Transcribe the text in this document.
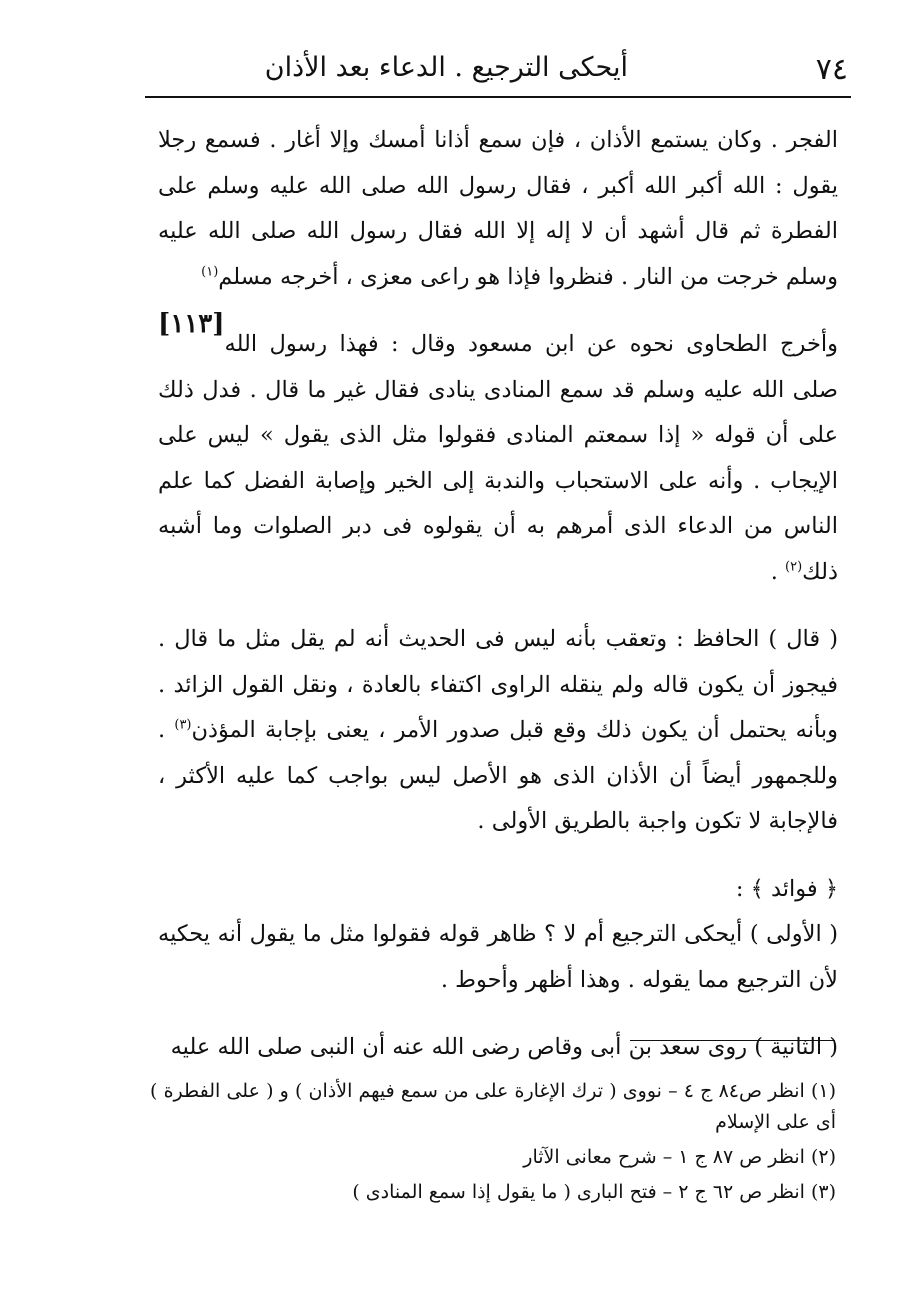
٧٤
أيحكى الترجيع . الدعاء بعد الأذان

الفجر . وكان يستمع الأذان ، فإن سمع أذانا أمسك وإلا أغار . فسمع رجلا يقول : الله أكبر الله أكبر ، فقال رسول الله صلى الله عليه وسلم على الفطرة ثم قال أشهد أن لا إله إلا الله فقال رسول الله صلى الله عليه وسلم خرجت من النار . فنظروا فإذا هو راعى معزى ، أخرجه مسلم$^{(١)}$
[١١٣]

وأخرج الطحاوى نحوه عن ابن مسعود وقال : فهذا رسول الله صلى الله عليه وسلم قد سمع المنادى ينادى فقال غير ما قال . فدل ذلك على أن قوله « إذا سمعتم المنادى فقولوا مثل الذى يقول » ليس على الإيجاب . وأنه على الاستحباب والندبة إلى الخير وإصابة الفضل كما علم الناس من الدعاء الذى أمرهم به أن يقولوه فى دبر الصلوات وما أشبه ذلك$^{(٢)}$ .

( قال ) الحافظ : وتعقب بأنه ليس فى الحديث أنه لم يقل مثل ما قال . فيجوز أن يكون قاله ولم ينقله الراوى اكتفاء بالعادة ، ونقل القول الزائد . وبأنه يحتمل أن يكون ذلك وقع قبل صدور الأمر ، يعنى بإجابة المؤذن$^{(٣)}$ . وللجمهور أيضاً أن الأذان الذى هو الأصل ليس بواجب كما عليه الأكثر ، فالإجابة لا تكون واجبة بالطريق الأولى .

﴿ فوائد ﴾ :

( الأولى ) أيحكى الترجيع أم لا ؟ ظاهر قوله فقولوا مثل ما يقول أنه يحكيه لأن الترجيع مما يقوله . وهذا أظهر وأحوط .

( الثانية ) روى سعد بن أبى وقاص رضى الله عنه أن النبى صلى الله عليه

(١) انظر ص٨٤ ج ٤ – نووى ( ترك الإغارة على من سمع فيهم الأذان ) و ( على الفطرة ) أى على الإسلام

(٢) انظر ص ٨٧ ج ١ – شرح معانى الآثار

(٣) انظر ص ٦٢ ج ٢ – فتح البارى ( ما يقول إذا سمع المنادى )
